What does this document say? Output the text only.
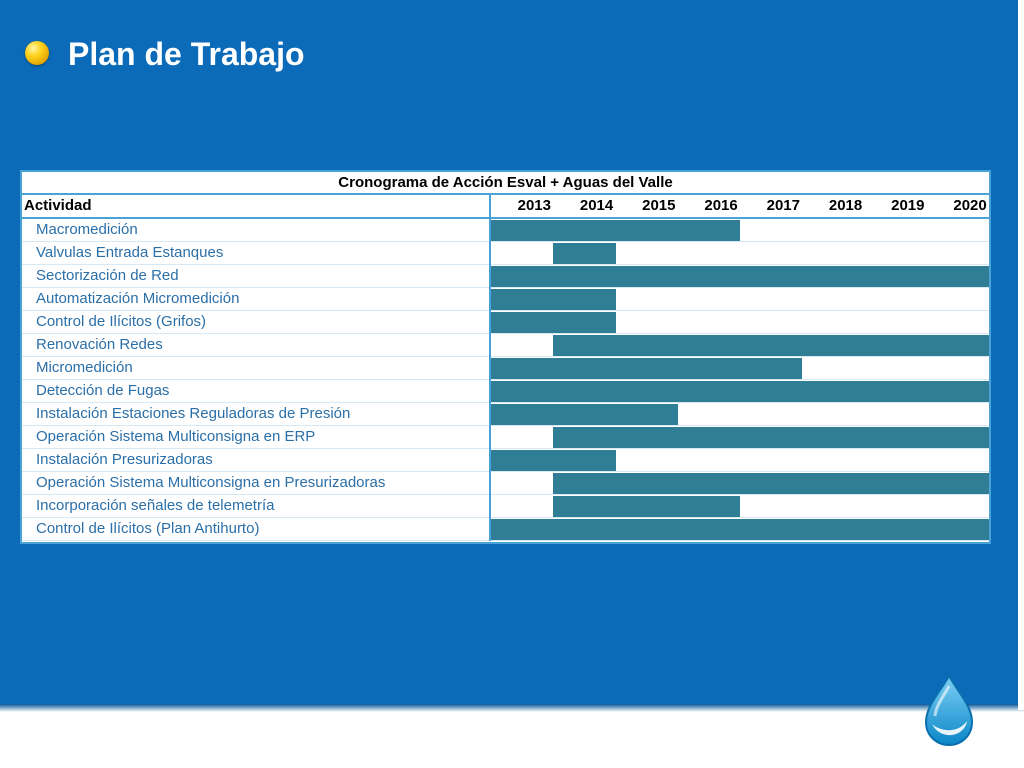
Plan de Trabajo
Cronograma de Acción Esval + Aguas del Valle
Actividad	2013	2014	2015	2016	2017	2018	2019	2020
Macromedición
Valvulas Entrada Estanques
Sectorización de Red
Automatización Micromedición
Control de Ilícitos (Grifos)
Renovación Redes
Micromedición
Detección de Fugas
Instalación Estaciones Reguladoras de Presión
Operación Sistema Multiconsigna en ERP
Instalación Presurizadoras
Operación Sistema Multiconsigna en Presurizadoras
Incorporación señales de telemetría
Control de Ilícitos (Plan Antihurto)
